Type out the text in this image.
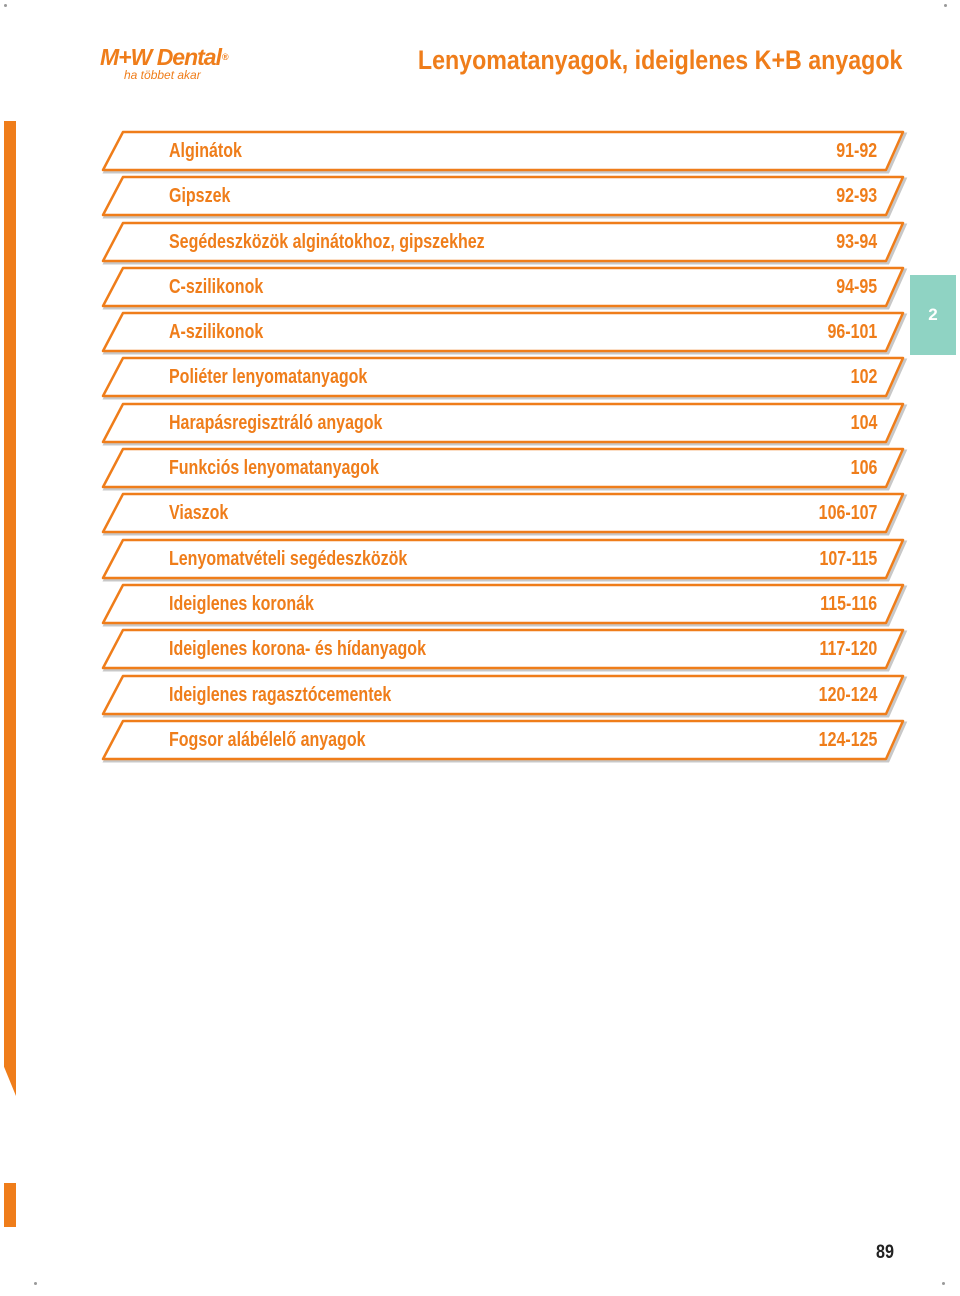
M+W Dental®
ha többet akar	Lenyomatanyagok, ideiglenes K+B anyagok
2
Alginátok	91-92
Gipszek	92-93
Segédeszközök alginátokhoz, gipszekhez	93-94
C-szilikonok	94-95
A-szilikonok	96-101
Poliéter lenyomatanyagok	102
Harapásregisztráló anyagok	104
Funkciós lenyomatanyagok	106
Viaszok	106-107
Lenyomatvételi segédeszközök	107-115
Ideiglenes koronák	115-116
Ideiglenes korona- és hídanyagok	117-120
Ideiglenes ragasztócementek	120-124
Fogsor alábélelő anyagok	124-125
89
